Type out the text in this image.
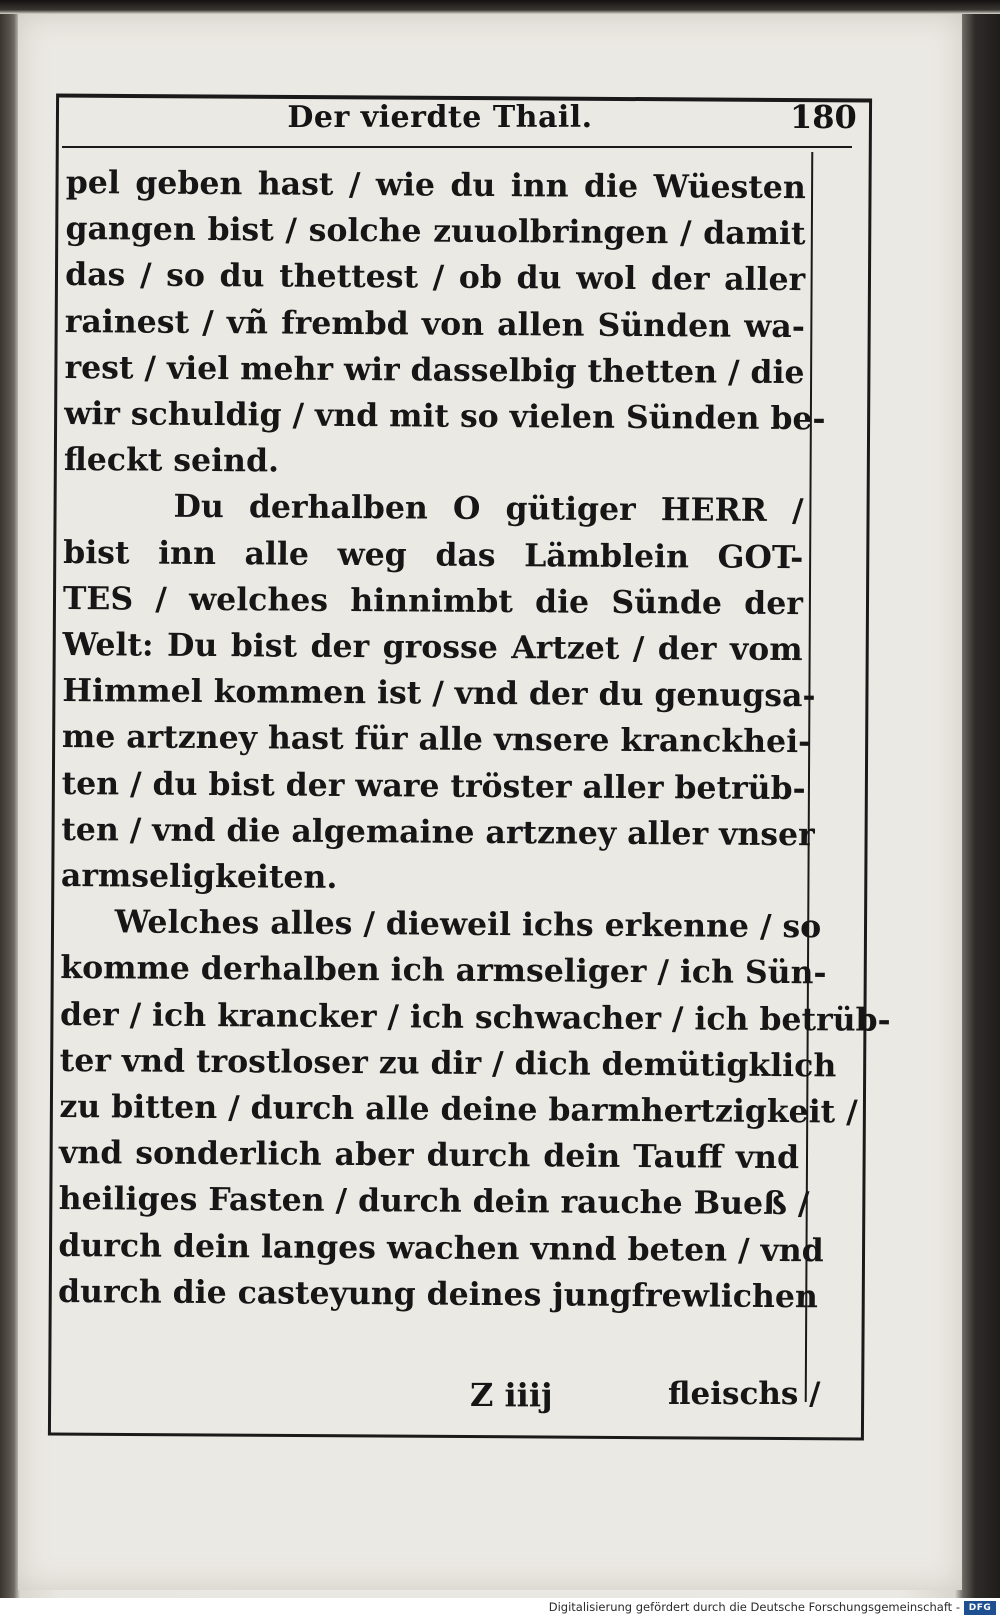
Der vierdte Thail.	180
pel geben hast / wie du inn die Wüesten
gangen bist / solche zuuolbringen / damit
das / so du thettest / ob du wol der aller
rainest / vñ frembd von allen Sünden wa-
rest / viel mehr wir dasselbig thetten / die
wir schuldig / vnd mit so vielen Sünden be-
fleckt seind.
Du derhalben O gütiger HERR /
bist inn alle weg das Lämblein GOT-
TES / welches hinnimbt die Sünde der
Welt: Du bist der grosse Artzet / der vom
Himmel kommen ist / vnd der du genugsa-
me artzney hast für alle vnsere kranckhei-
ten / du bist der ware tröster aller betrüb-
ten / vnd die algemaine artzney aller vnser
armseligkeiten.
Welches alles / dieweil ichs erkenne / so
komme derhalben ich armseliger / ich Sün-
der / ich krancker / ich schwacher / ich betrüb-
ter vnd trostloser zu dir / dich demütigklich
zu bitten / durch alle deine barmhertzigkeit /
vnd sonderlich aber durch dein Tauff vnd
heiliges Fasten / durch dein rauche Bueß /
durch dein langes wachen vnnd beten / vnd
durch die casteyung deines jungfrewlichen
Z iiij	fleischs /
Digitalisierung gefördert durch die Deutsche Forschungsgemeinschaft - DFG
